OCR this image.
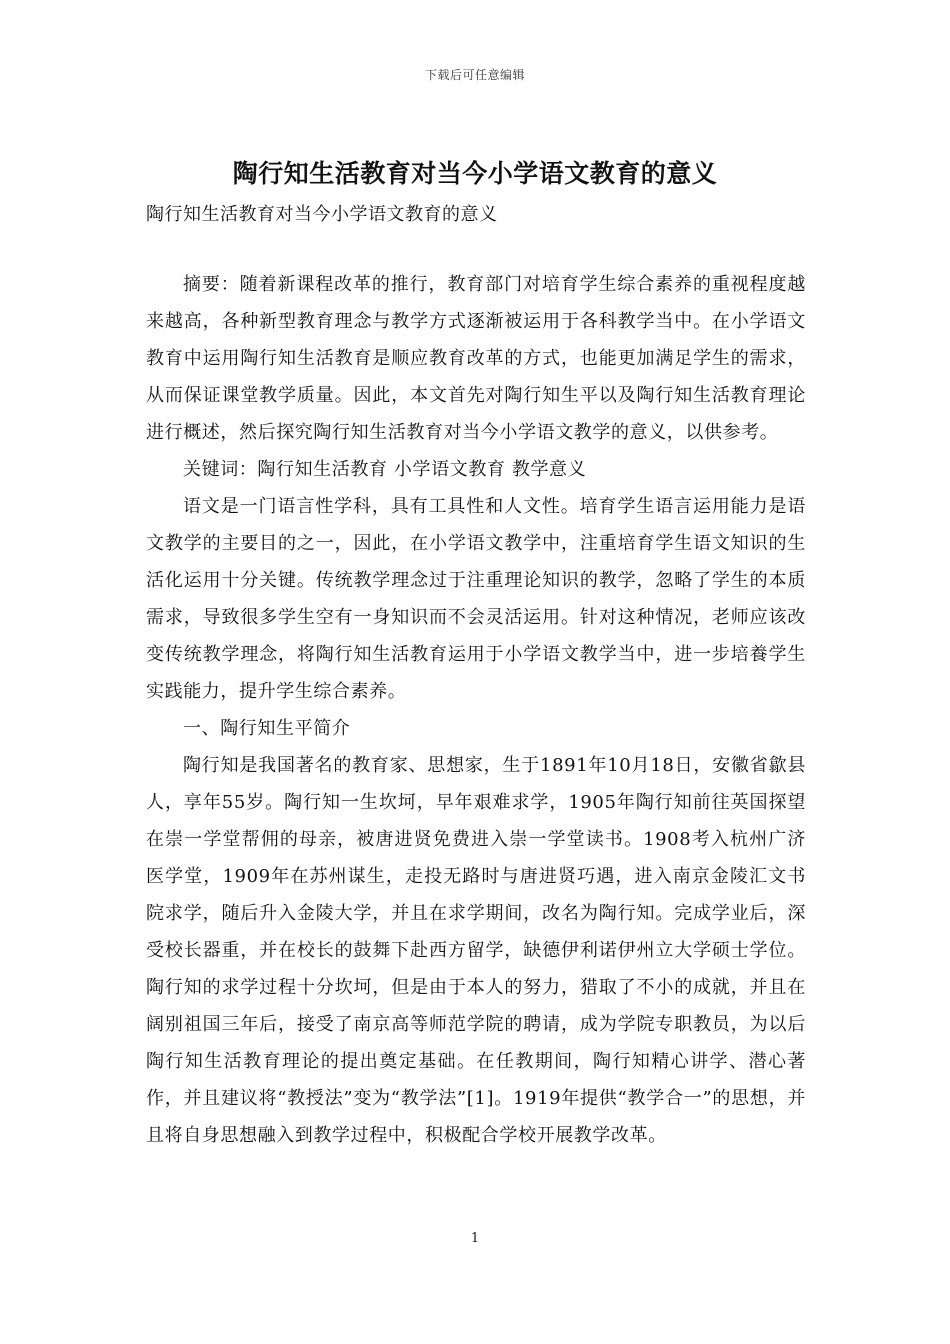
下载后可任意编辑
陶行知生活教育对当今小学语文教育的意义
陶行知生活教育对当今小学语文教育的意义

摘要：随着新课程改革的推行，教育部门对培育学生综合素养的重视程度越来越高，各种新型教育理念与教学方式逐渐被运用于各科教学当中。在小学语文教育中运用陶行知生活教育是顺应教育改革的方式，也能更加满足学生的需求，从而保证课堂教学质量。因此，本文首先对陶行知生平以及陶行知生活教育理论进行概述，然后探究陶行知生活教育对当今小学语文教学的意义，以供参考。

关键词：陶行知生活教育 小学语文教育 教学意义

语文是一门语言性学科，具有工具性和人文性。培育学生语言运用能力是语文教学的主要目的之一，因此，在小学语文教学中，注重培育学生语文知识的生活化运用十分关键。传统教学理念过于注重理论知识的教学，忽略了学生的本质需求，导致很多学生空有一身知识而不会灵活运用。针对这种情况，老师应该改变传统教学理念，将陶行知生活教育运用于小学语文教学当中，进一步培養学生实践能力，提升学生综合素养。

一、陶行知生平简介

陶行知是我国著名的教育家、思想家，生于1891年10月18日，安徽省歙县人，享年55岁。陶行知一生坎坷，早年艰难求学，1905年陶行知前往英国探望在崇一学堂帮佣的母亲，被唐进贤免费进入崇一学堂读书。1908考入杭州广济医学堂，1909年在苏州谋生，走投无路时与唐进贤巧遇，进入南京金陵汇文书院求学，随后升入金陵大学，并且在求学期间，改名为陶行知。完成学业后，深受校长器重，并在校长的鼓舞下赴西方留学，缺德伊利诺伊州立大学硕士学位。陶行知的求学过程十分坎坷，但是由于本人的努力，猎取了不小的成就，并且在阔别祖国三年后，接受了南京高等师范学院的聘请，成为学院专职教员，为以后陶行知生活教育理论的提出奠定基础。在任教期间，陶行知精心讲学、潜心著作，并且建议将“教授法”变为“教学法”[1]。1919年提供“教学合一”的思想，并且将自身思想融入到教学过程中，积极配合学校开展教学改革。

1
